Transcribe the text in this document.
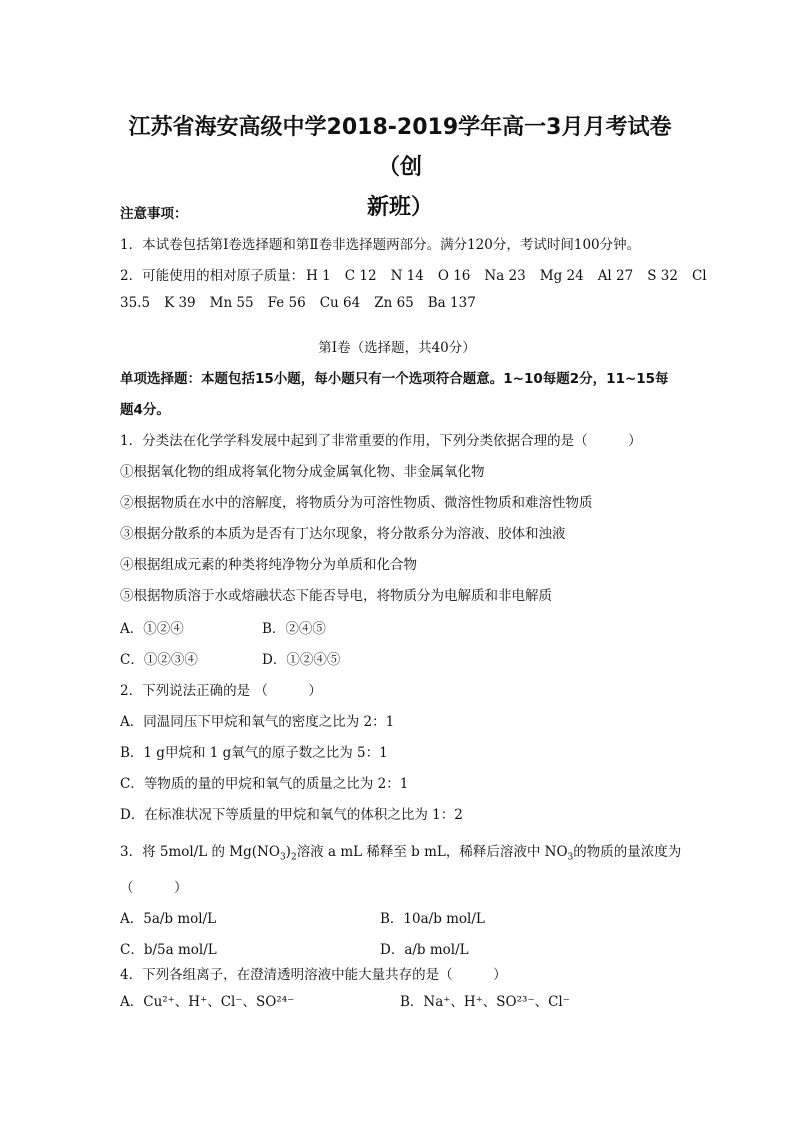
江苏省海安高级中学2018-2019学年高一3月月考试卷（创
新班）
注意事项：
1．本试卷包括第Ⅰ卷选择题和第Ⅱ卷非选择题两部分。满分120分，考试时间100分钟。
2．可能使用的相对原子质量： H 1 C 12 N 14 O 16 Na 23 Mg 24 Al 27 S 32 Cl
35.5 K 39 Mn 55 Fe 56 Cu 64 Zn 65 Ba 137
第Ⅰ卷（选择题，共40分）
单项选择题：本题包括15小题，每小题只有一个选项符合题意。1~10每题2分，11~15每
题4分。
1．分类法在化学学科发展中起到了非常重要的作用，下列分类依据合理的是（　　　）
①根据氧化物的组成将氧化物分成金属氧化物、非金属氧化物
②根据物质在水中的溶解度，将物质分为可溶性物质、微溶性物质和难溶性物质
③根据分散系的本质为是否有丁达尔现象，将分散系分为溶液、胶体和浊液
④根据组成元素的种类将纯净物分为单质和化合物
⑤根据物质溶于水或熔融状态下能否导电，将物质分为电解质和非电解质
A．①②④	B．②④⑤
C．①②③④	D．①②④⑤
2．下列说法正确的是 （　　　）
A．同温同压下甲烷和氧气的密度之比为 2：1
B．1 g甲烷和 1 g氧气的原子数之比为 5：1
C．等物质的量的甲烷和氧气的质量之比为 2：1
D．在标准状况下等质量的甲烷和氧气的体积之比为 1：2
3．将 5mol/L 的 $Mg(NO_3)_2$溶液 a mL 稀释至 b mL，稀释后溶液中 $NO_3$的物质的量浓度为
（　　　）
A．5a/b mol/L	B．10a/b mol/L
C．b/5a mol/L	D．a/b mol/L
4．下列各组离子，在澄清透明溶液中能大量共存的是（　　　）
A．Cu²⁺、H⁺、Cl⁻、SO²⁴⁻	B．Na⁺、H⁺、SO²³⁻、Cl⁻
